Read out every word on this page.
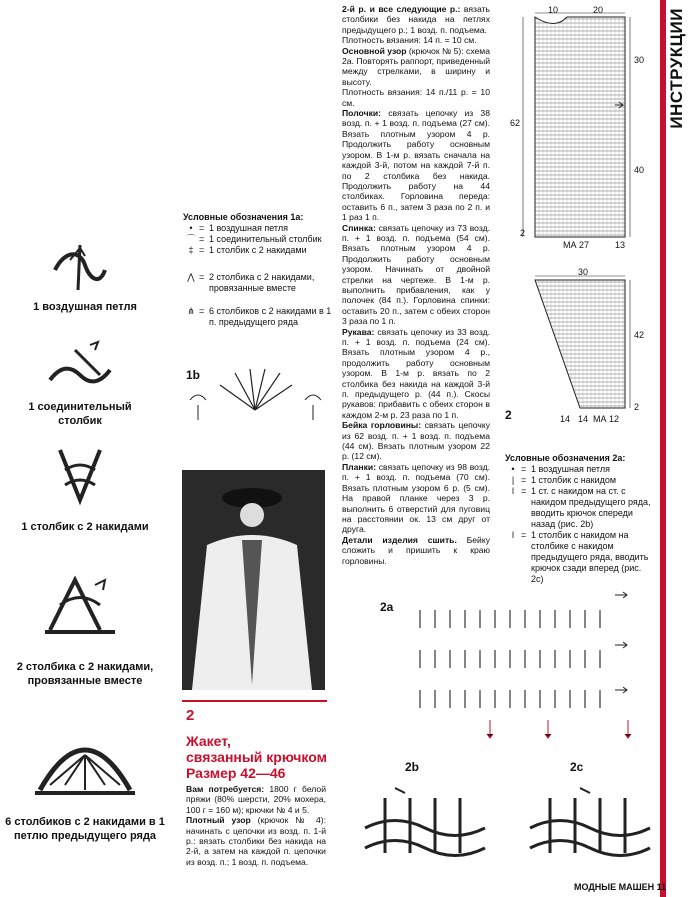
ИНСТРУКЦИИ
1 воздушная петля
1 соединительный столбик
1 столбик с 2 накидами
2 столбика с 2 накидами, провязанные вместе
6 столбиков с 2 накидами в 1 петлю предыдущего ряда
Условные обозначения 1а:
• = 1 воздушная петля
⌒ = 1 соединительный столбик
‡ = 1 столбик с 2 накидами
⋀ = 2 столбика с 2 накидами, провязанные вместе
⋔ = 6 столбиков с 2 накидами в 1 п. предыдущего ряда
1b
2
Жакет,
связанный крючком
Размер 42—46

Вам потребуется: 1800 г белой пряжи (80% шерсти, 20% мохера, 100 г = 160 м); крючки № 4 и 5.

Плотный узор (крючок № 4): начинать с цепочки из возд. п. 1-й р.: вязать столбики без накида на 2-й, а затем на каждой п. цепочки из возд. п.; 1 возд. п. подъема.

2-й р. и все следующие р.: вязать столбики без накида на петлях предыдущего р.; 1 возд. п. подъема.

Плотность вязания: 14 п. = 10 см.

Основной узор (крючок № 5): схема 2а. Повторять раппорт, приведенный между стрелками, в ширину и высоту.

Плотность вязания: 14 п./11 р. = 10 см.

Полочки: связать цепочку из 38 возд. п. + 1 возд. п. подъема (27 см). Вязать плотным узором 4 р. Продолжить работу основным узором. В 1-м р. вязать сначала на каждой 3-й, потом на каждой 7-й п. по 2 столбика без накида. Продолжить работу на 44 столбиках. Горловина переда: оставить 6 п., затем 3 раза по 2 п. и 1 раз 1 п.

Спинка: связать цепочку из 73 возд. п. + 1 возд. п. подъема (54 см). Вязать плотным узором 4 р. Продолжить работу основным узором. Начинать от двойной стрелки на чертеже. В 1-м р. выполнить прибавления, как у полочек (84 п.). Горловина спинки: оставить 20 п., затем с обеих сторон 3 раза по 1 п.

Рукава: связать цепочку из 33 возд. п. + 1 возд. п. подъема (24 см). Вязать плотным узором 4 р., продолжить работу основным узором. В 1-м р. вязать по 2 столбика без накида на каждой 3-й п. предыдущего р. (44 п.). Скосы рукавов: прибавить с обеих сторон в каждом 2-м р. 23 раза по 1 п.

Бейка горловины: связать цепочку из 62 возд. п. + 1 возд. п. подъема (44 см). Вязать плотным узором 22 р. (12 см).

Планки: связать цепочку из 98 возд. п. + 1 возд. п. подъема (70 см). Вязать плотным узором 6 р. (5 см). На правой планке через 3 р. выполнить 6 отверстий для пуговиц на расстоянии ок. 13 см друг от друга.

Детали изделия сшить. Бейку сложить и пришить к краю горловины.

10	20
30
62
40
2
МА 27	13
30
42
2
14	МА 12
14
2
Условные обозначения 2а:
• = 1 воздушная петля
| = 1 столбик с накидом
Ɩ = 1 ст. с накидом на ст. с накидом предыдущего ряда, вводить крючок спереди назад (рис. 2b)
Ɩ = 1 столбик с накидом на столбике с накидом предыдущего ряда, вводить крючок сзади вперед (рис. 2c)
2a
2b	2c
МОДНЫЕ МАШЕН 11
